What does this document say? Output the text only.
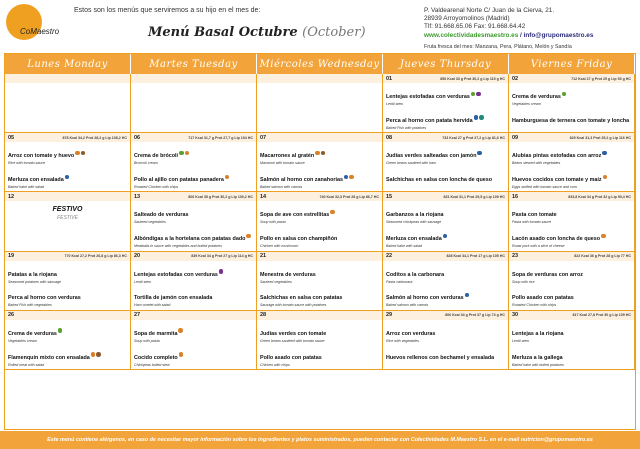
CoMaestro
Estos son los menús que serviremos a su hijo en el mes de:
Menú Basal Octubre (October)
P. Valdearenal Norte C/ Juan de la Cierva, 21.
28939 Arroyomolinos (Madrid)
Tlf: 91.668.65.06 Fax: 91.668.64.42
www.colectividadesmaestro.es / info@grupomaestro.es
Fruta fresca del mes: Manzana, Pera, Plátano, Melón y Sandía
Lunes Monday	Martes Tuesday	Miércoles Wednesday	Jueves Thursday	Viernes Friday
01	856 Kcal 33 g Prot 30,2 g Lip 115 g HC
Lentejas estofadas con verduras
Lentil stew
Perca al horno con patata hervida
Baked Fish with potatoes
02	712 Kcal 27 g Prot 25 g Lip 93 g HC
Crema de verduras
Vegetables cream
Hamburguesa de ternera con tomate y loncha
05	878 Kcal 34,2 Prot 28,2 g Lip 108,2 HC
Arroz con tomate y huevo
Rice with tomato sauce
Merluza con ensalada
Baked hake with salad
06	717 Kcal 31,7 g Prot 27,7 g Lip 104 HC
Crema de brócoli
Broccoli cream
Pollo al ajillo con patatas panadera
Roasted Chicken with chips
07
Macarrones al gratén
Macaroni with tomato sauce
Salmón al horno con zanahorias
Baked salmon with carrots
08	733 Kcal 27 g Prot 27,2 g Lip 81,6 HC
Judías verdes salteadas con jamón
Green beans sautéed with ham
Salchichas en salsa con loncha de queso
09	829 Kcal 31,3 Prot 25,2 g Lip 116 HC
Alubias pintas estofadas con arroz
Beans stewed with vegetables
Huevos cocidos con tomate y maíz
Eggs stuffed with tomato sauce and corn
12
FESTIVO
FESTIVE
13	806 Kcal 35 g Prot 30,2 g Lip 100,2 HC
Salteado de verduras
Sauteed vegetables
Albóndigas a la hortelana con patatas dado
Meatballs in sauce with vegetables and boiled potatoes
14	740 Kcal 32,3 Prot 28 g Lip 86,7 HC
Sopa de ave con estrellitas
Soup with pasta
Pollo en salsa con champiñón
Chicken with mushroom
15	831 Kcal 31,1 Prot 29,5 g Lip 109 HC
Garbanzos a la riojana
Seasoned chickpeas with sausage
Merluza con ensalada
Baked hake with salad
16	833,8 Kcal 34 g Prot 32 g Lip 90,4 HC
Pasta con tomate
Pasta with tomato sauce
Lacón asado con loncha de queso
Roast pork with a slice of cheese
19	770 Kcal 27,2 Prot 26,8 g Lip 86,3 HC
Patatas a la riojana
Seasoned potatoes with sausage
Perca al horno con verduras
Baked Fish with vegetables
20	839 Kcal 34 g Prot 27 g Lip 114 g HC
Lentejas estofadas con verduras
Lentil stew
Tortilla de jamón con ensalada
Ham omelet with salad
21
Menestra de verduras
Sauteed vegetables
Salchichas en salsa con patatas
Sausage with tomato sauce with potatoes
22	828 Kcal 34,1 Prot 17 g Lip 105 HC
Coditos a la carbonara
Pasta carbonara
Salmón al horno con verduras
Baked salmon with carrots
23	822 Kcal 36 g Prot 28 g Lip 77 HC
Sopa de verduras con arroz
Soup with rice
Pollo asado con patatas
Roasted Chicken with chips
26
Crema de verduras
Vegetables cream
Flamenquín mixto con ensalada
Rolled meat with salad
27
Sopa de marmita
Soup with pasta
Cocido completo
Chickpeas boiled stew
28
Judías verdes con tomate
Green beans sautéed with tomato sauce
Pollo asado con patatas
Chicken with chips
29	806 Kcal 34 g Prot 37 g Lip 74 g HC
Arroz con verduras
Rice with vegetables
Huevos rellenos con bechamel y ensalada
30	817 Kcal 27,8 Prot 30 g Lip 109 HC
Lentejas a la riojana
Lentil stew
Merluza a la gallega
Baked hake with boiled potatoes
Este menú contiene alérgenos, en caso de necesitar mayor información sobre los ingredientes y platos suministrados, pueden contactar con Colectividades M.Maestro S.L. en el e-mail nutricion@grupomaestro.es
